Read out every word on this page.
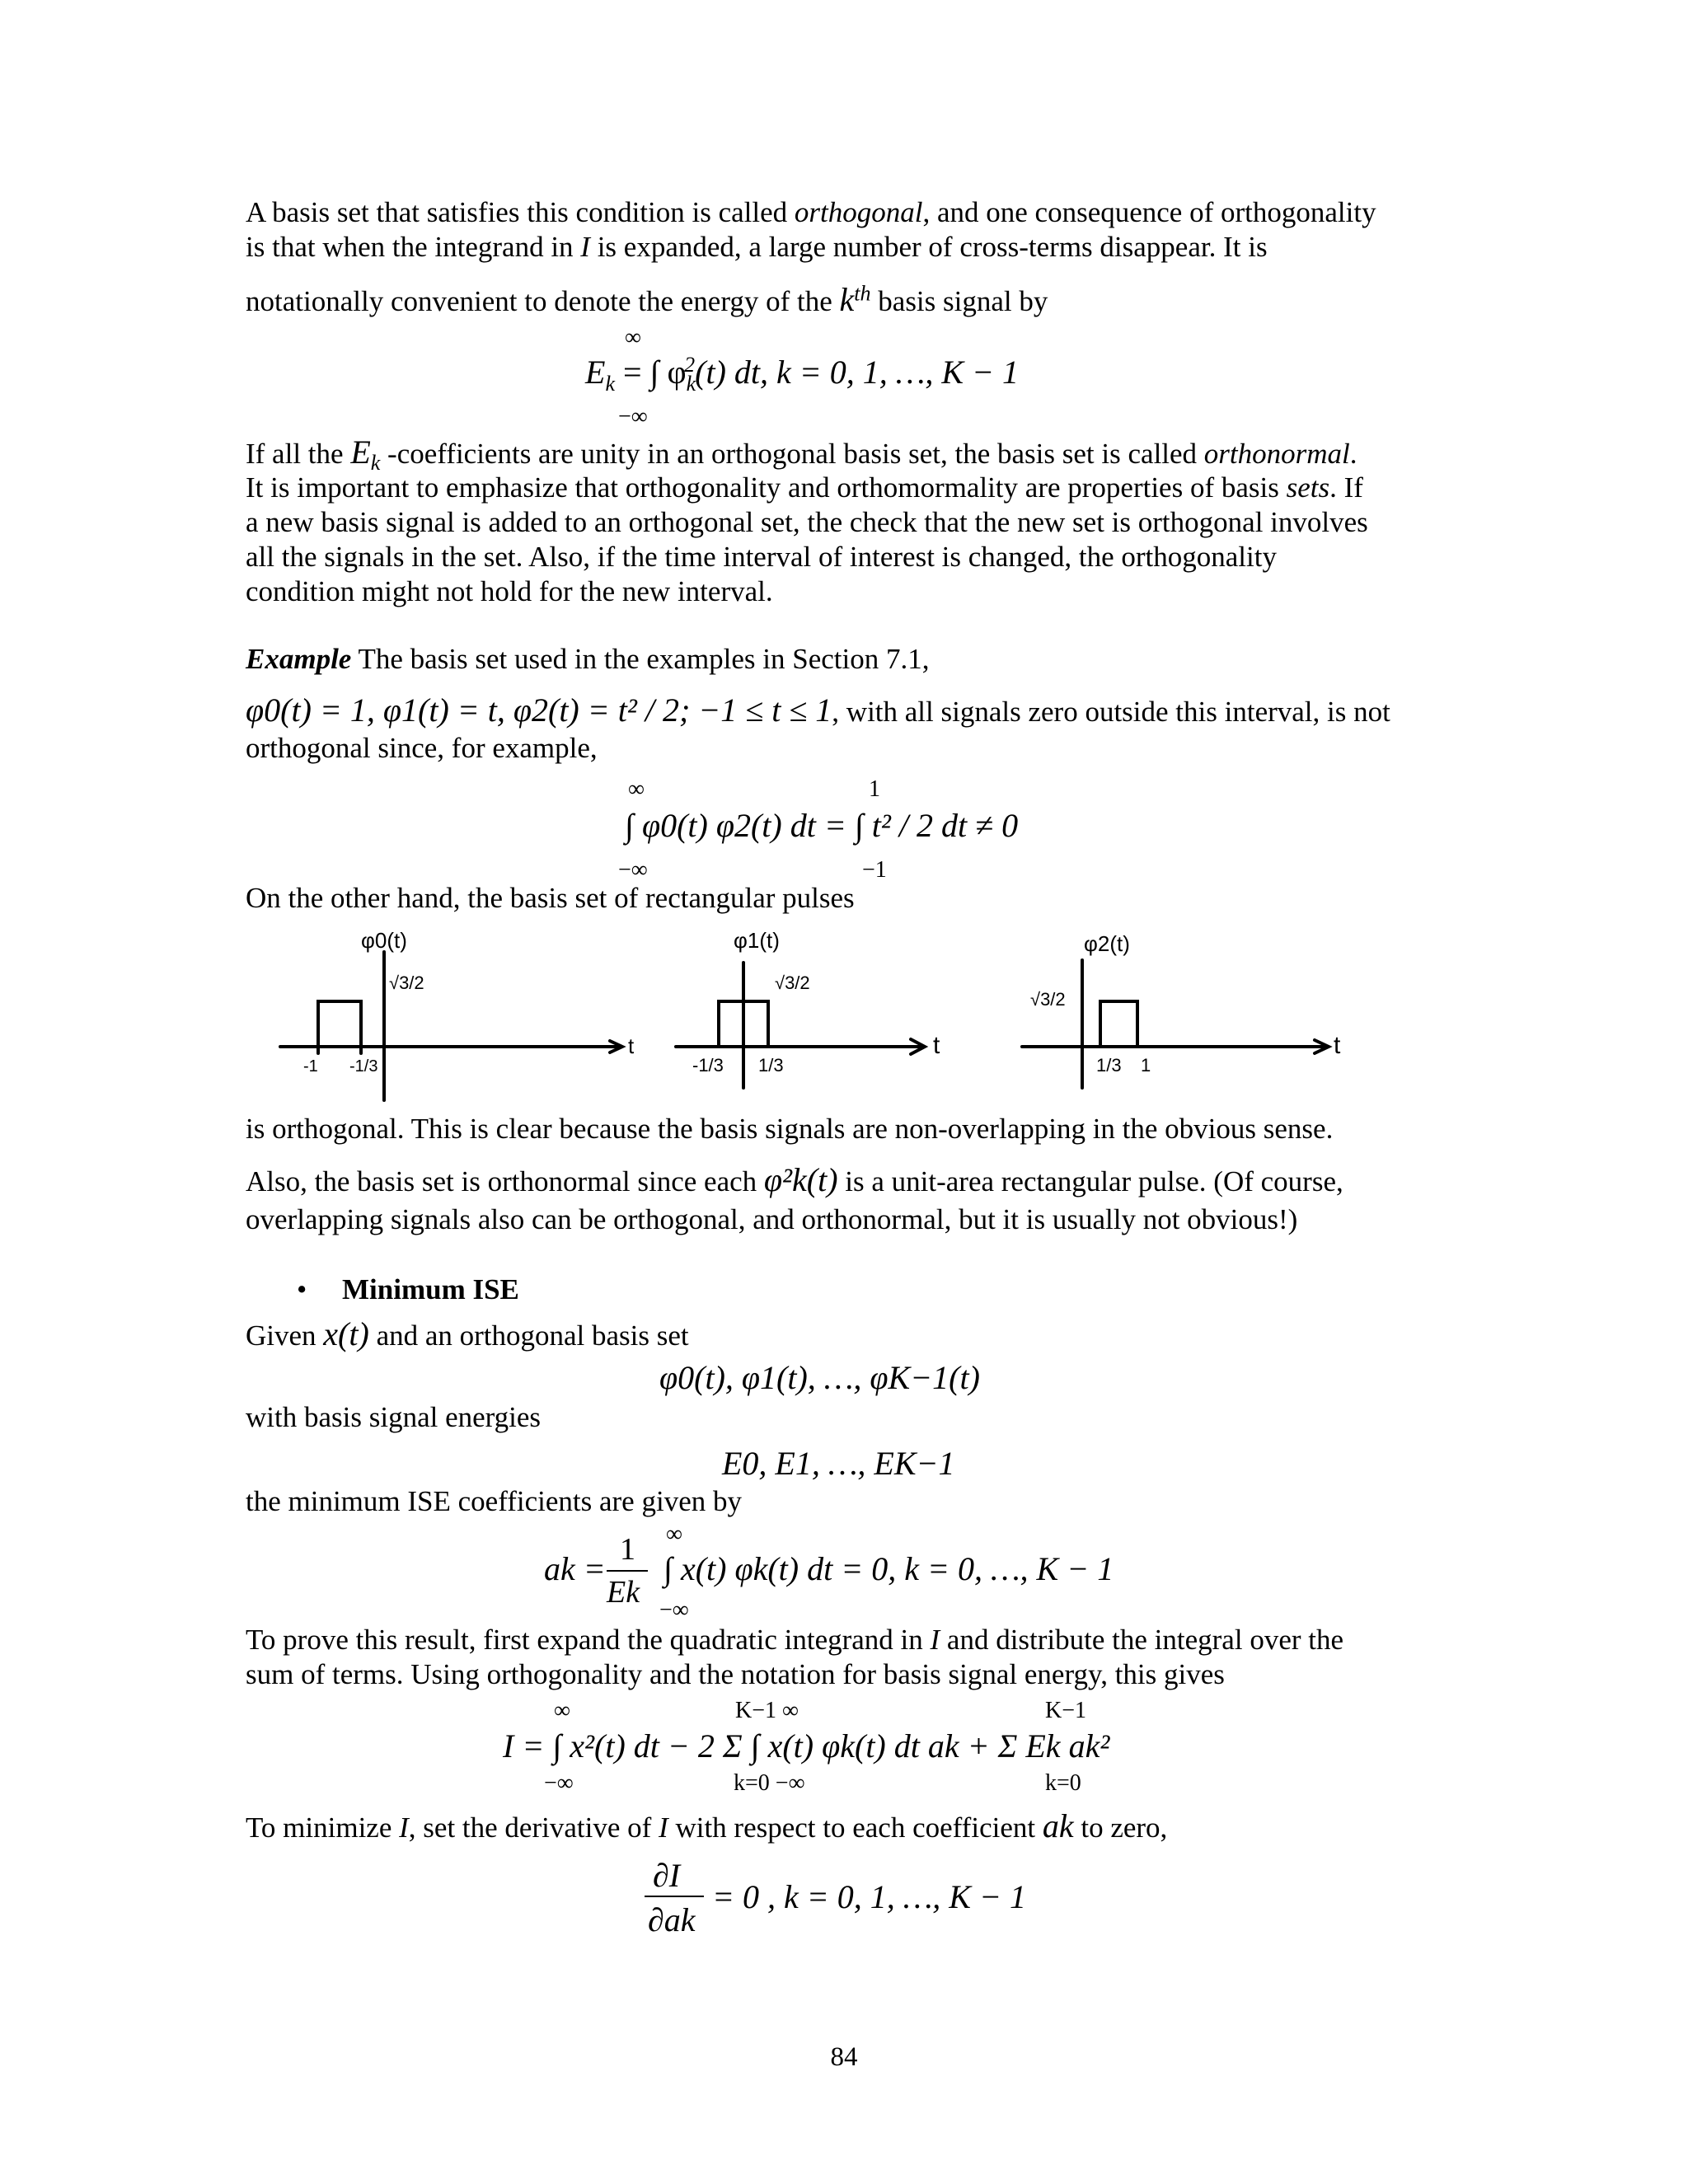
A basis set that satisfies this condition is called orthogonal, and one consequence of orthogonality
is that when the integrand in I is expanded, a large number of cross-terms disappear. It is
notationally convenient to denote the energy of the $k^{th}$ basis signal by
∞
$E_k$ = ∫ $\varphi_k^2(t)$ dt, k = 0, 1, …, K − 1
−∞
If all the $E_k$ -coefficients are unity in an orthogonal basis set, the basis set is called orthonormal.
It is important to emphasize that orthogonality and orthomormality are properties of basis sets. If
a new basis signal is added to an orthogonal set, the check that the new set is orthogonal involves
all the signals in the set. Also, if the time interval of interest is changed, the orthogonality
condition might not hold for the new interval.
Example The basis set used in the examples in Section 7.1,
φ0(t) = 1, φ1(t) = t, φ2(t) = t² / 2; −1 ≤ t ≤ 1, with all signals zero outside this interval, is not
orthogonal since, for example,
∞	1
∫ φ0(t) φ2(t) dt = ∫ t² / 2 dt ≠ 0
−∞	−1
On the other hand, the basis set of rectangular pulses
φ0(t)
√3/2
-1 -1/3
t
φ1(t)
√3/2
-1/3 1/3
t
φ2(t)
√3/2
1/3 1
t
is orthogonal. This is clear because the basis signals are non-overlapping in the obvious sense.
Also, the basis set is orthonormal since each φ²k(t) is a unit-area rectangular pulse. (Of course,
overlapping signals also can be orthogonal, and orthonormal, but it is usually not obvious!)
• Minimum ISE
Given x(t) and an orthogonal basis set
φ0(t), φ1(t), …, φK−1(t)
with basis signal energies
E0, E1, …, EK−1
the minimum ISE coefficients are given by
ak =
1
Ek
∞
∫ x(t) φk(t) dt = 0, k = 0, …, K − 1
−∞
To prove this result, first expand the quadratic integrand in I and distribute the integral over the
sum of terms. Using orthogonality and the notation for basis signal energy, this gives
∞	K−1 ∞	K−1
I = ∫ x²(t) dt − 2 Σ ∫ x(t) φk(t) dt ak + Σ Ek ak²
−∞	k=0 −∞	k=0
To minimize I, set the derivative of I with respect to each coefficient ak to zero,
∂I
∂ak
= 0 , k = 0, 1, …, K − 1
84
